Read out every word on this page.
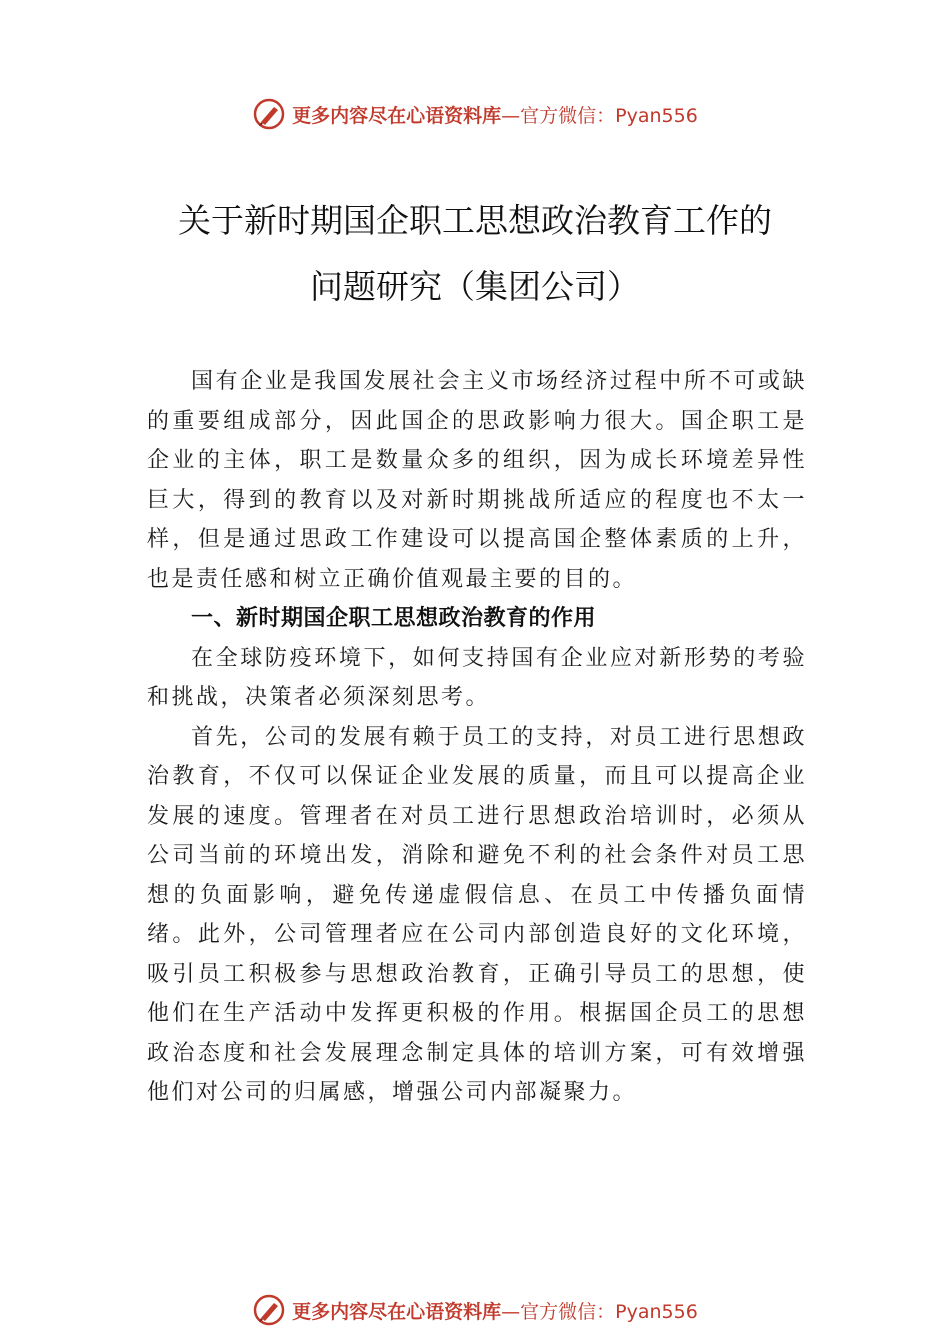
更多内容尽在心语资料库 —官方微信：Pyan556
关于新时期国企职工思想政治教育工作的
问题研究（集团公司）

国有企业是我国发展社会主义市场经济过程中所不可或缺的重要组成部分，因此国企的思政影响力很大。国企职工是企业的主体，职工是数量众多的组织，因为成长环境差异性巨大，得到的教育以及对新时期挑战所适应的程度也不太一样，但是通过思政工作建设可以提高国企整体素质的上升，也是责任感和树立正确价值观最主要的目的。

一、新时期国企职工思想政治教育的作用

在全球防疫环境下，如何支持国有企业应对新形势的考验和挑战，决策者必须深刻思考。

首先，公司的发展有赖于员工的支持，对员工进行思想政治教育，不仅可以保证企业发展的质量，而且可以提高企业发展的速度。管理者在对员工进行思想政治培训时，必须从公司当前的环境出发，消除和避免不利的社会条件对员工思想的负面影响，避免传递虚假信息、在员工中传播负面情绪。此外，公司管理者应在公司内部创造良好的文化环境， 吸引员工积极参与思想政治教育，正确引导员工的思想，使他们在生产活动中发挥更积极的作用。根据国企员工的思想政治态度和社会发展理念制定具体的培训方案，可有效增强他们对公司的归属感，增强公司内部凝聚力。

更多内容尽在心语资料库 —官方微信：Pyan556
